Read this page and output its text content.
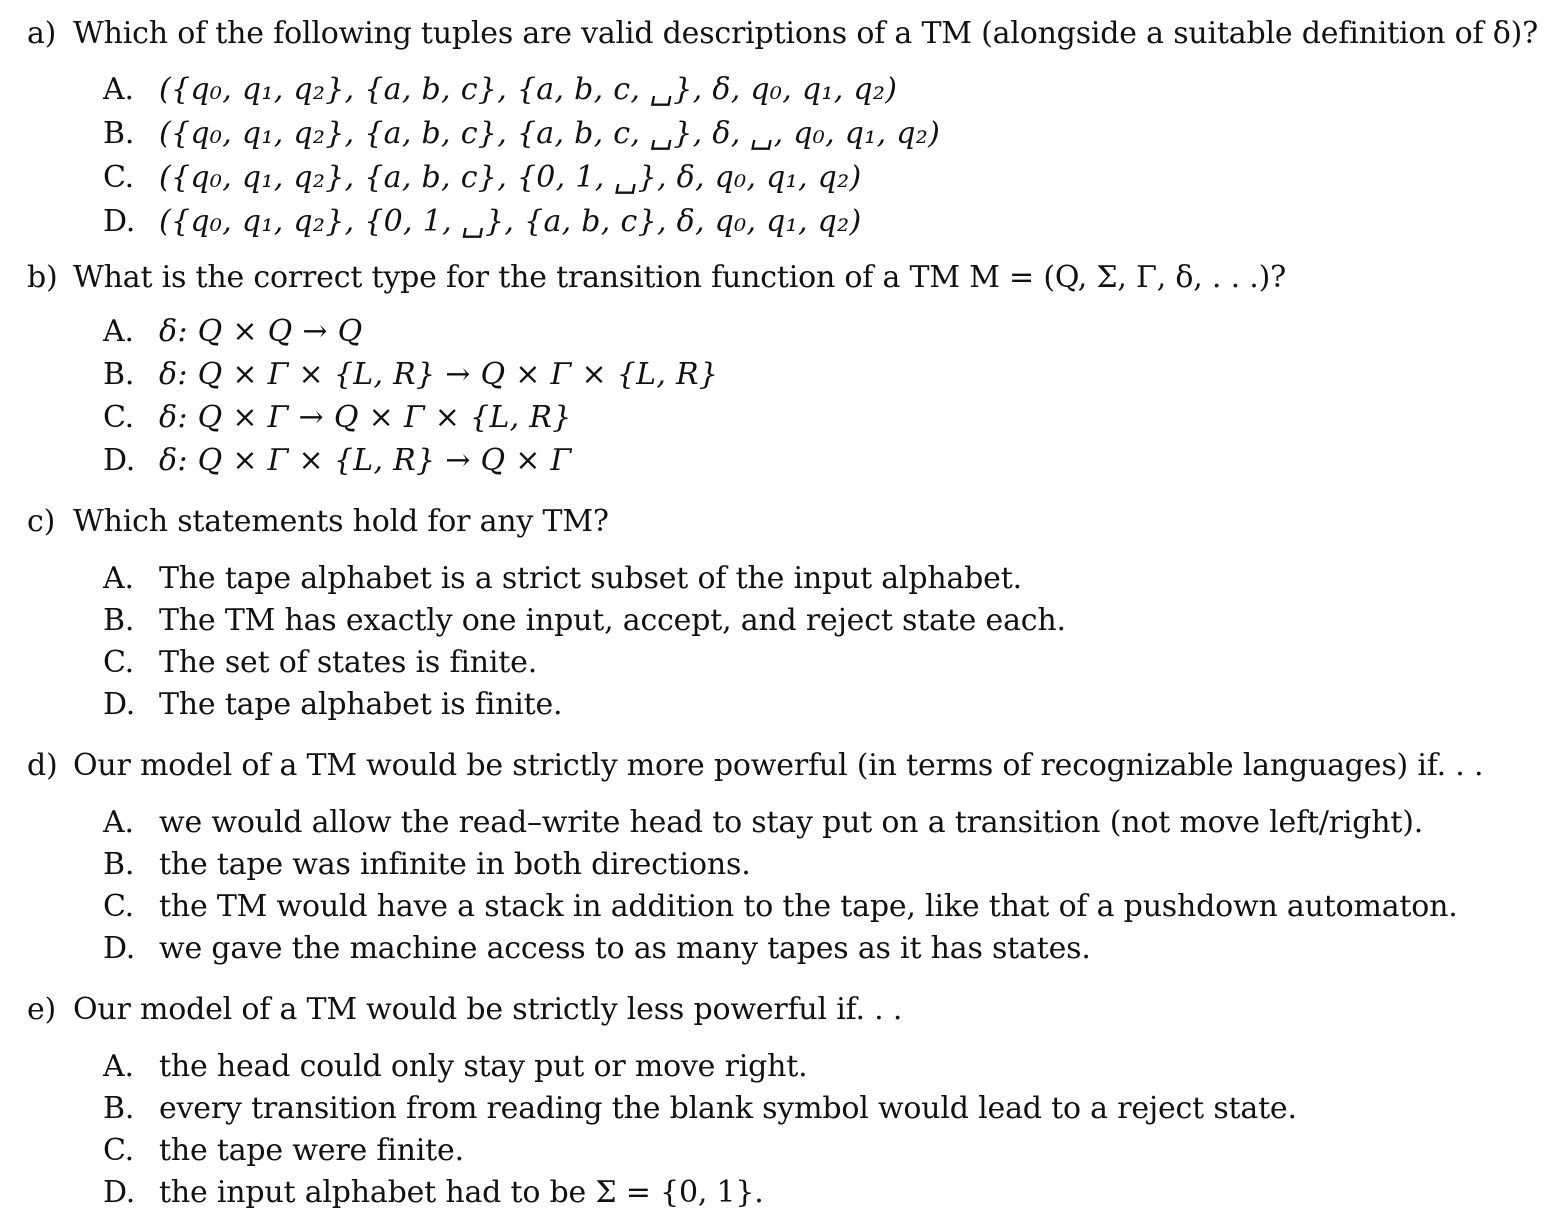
a) Which of the following tuples are valid descriptions of a TM (alongside a suitable definition of δ)?
A. ({q₀, q₁, q₂}, {a, b, c}, {a, b, c, ␣}, δ, q₀, q₁, q₂)
B. ({q₀, q₁, q₂}, {a, b, c}, {a, b, c, ␣}, δ, ␣, q₀, q₁, q₂)
C. ({q₀, q₁, q₂}, {a, b, c}, {0, 1, ␣}, δ, q₀, q₁, q₂)
D. ({q₀, q₁, q₂}, {0, 1, ␣}, {a, b, c}, δ, q₀, q₁, q₂)
b) What is the correct type for the transition function of a TM M = (Q, Σ, Γ, δ, . . .)?
A. δ: Q × Q → Q
B. δ: Q × Γ × {L, R} → Q × Γ × {L, R}
C. δ: Q × Γ → Q × Γ × {L, R}
D. δ: Q × Γ × {L, R} → Q × Γ
c) Which statements hold for any TM?
A. The tape alphabet is a strict subset of the input alphabet.
B. The TM has exactly one input, accept, and reject state each.
C. The set of states is finite.
D. The tape alphabet is finite.
d) Our model of a TM would be strictly more powerful (in terms of recognizable languages) if. . .
A. we would allow the read–write head to stay put on a transition (not move left/right).
B. the tape was infinite in both directions.
C. the TM would have a stack in addition to the tape, like that of a pushdown automaton.
D. we gave the machine access to as many tapes as it has states.
e) Our model of a TM would be strictly less powerful if. . .
A. the head could only stay put or move right.
B. every transition from reading the blank symbol would lead to a reject state.
C. the tape were finite.
D. the input alphabet had to be Σ = {0, 1}.
